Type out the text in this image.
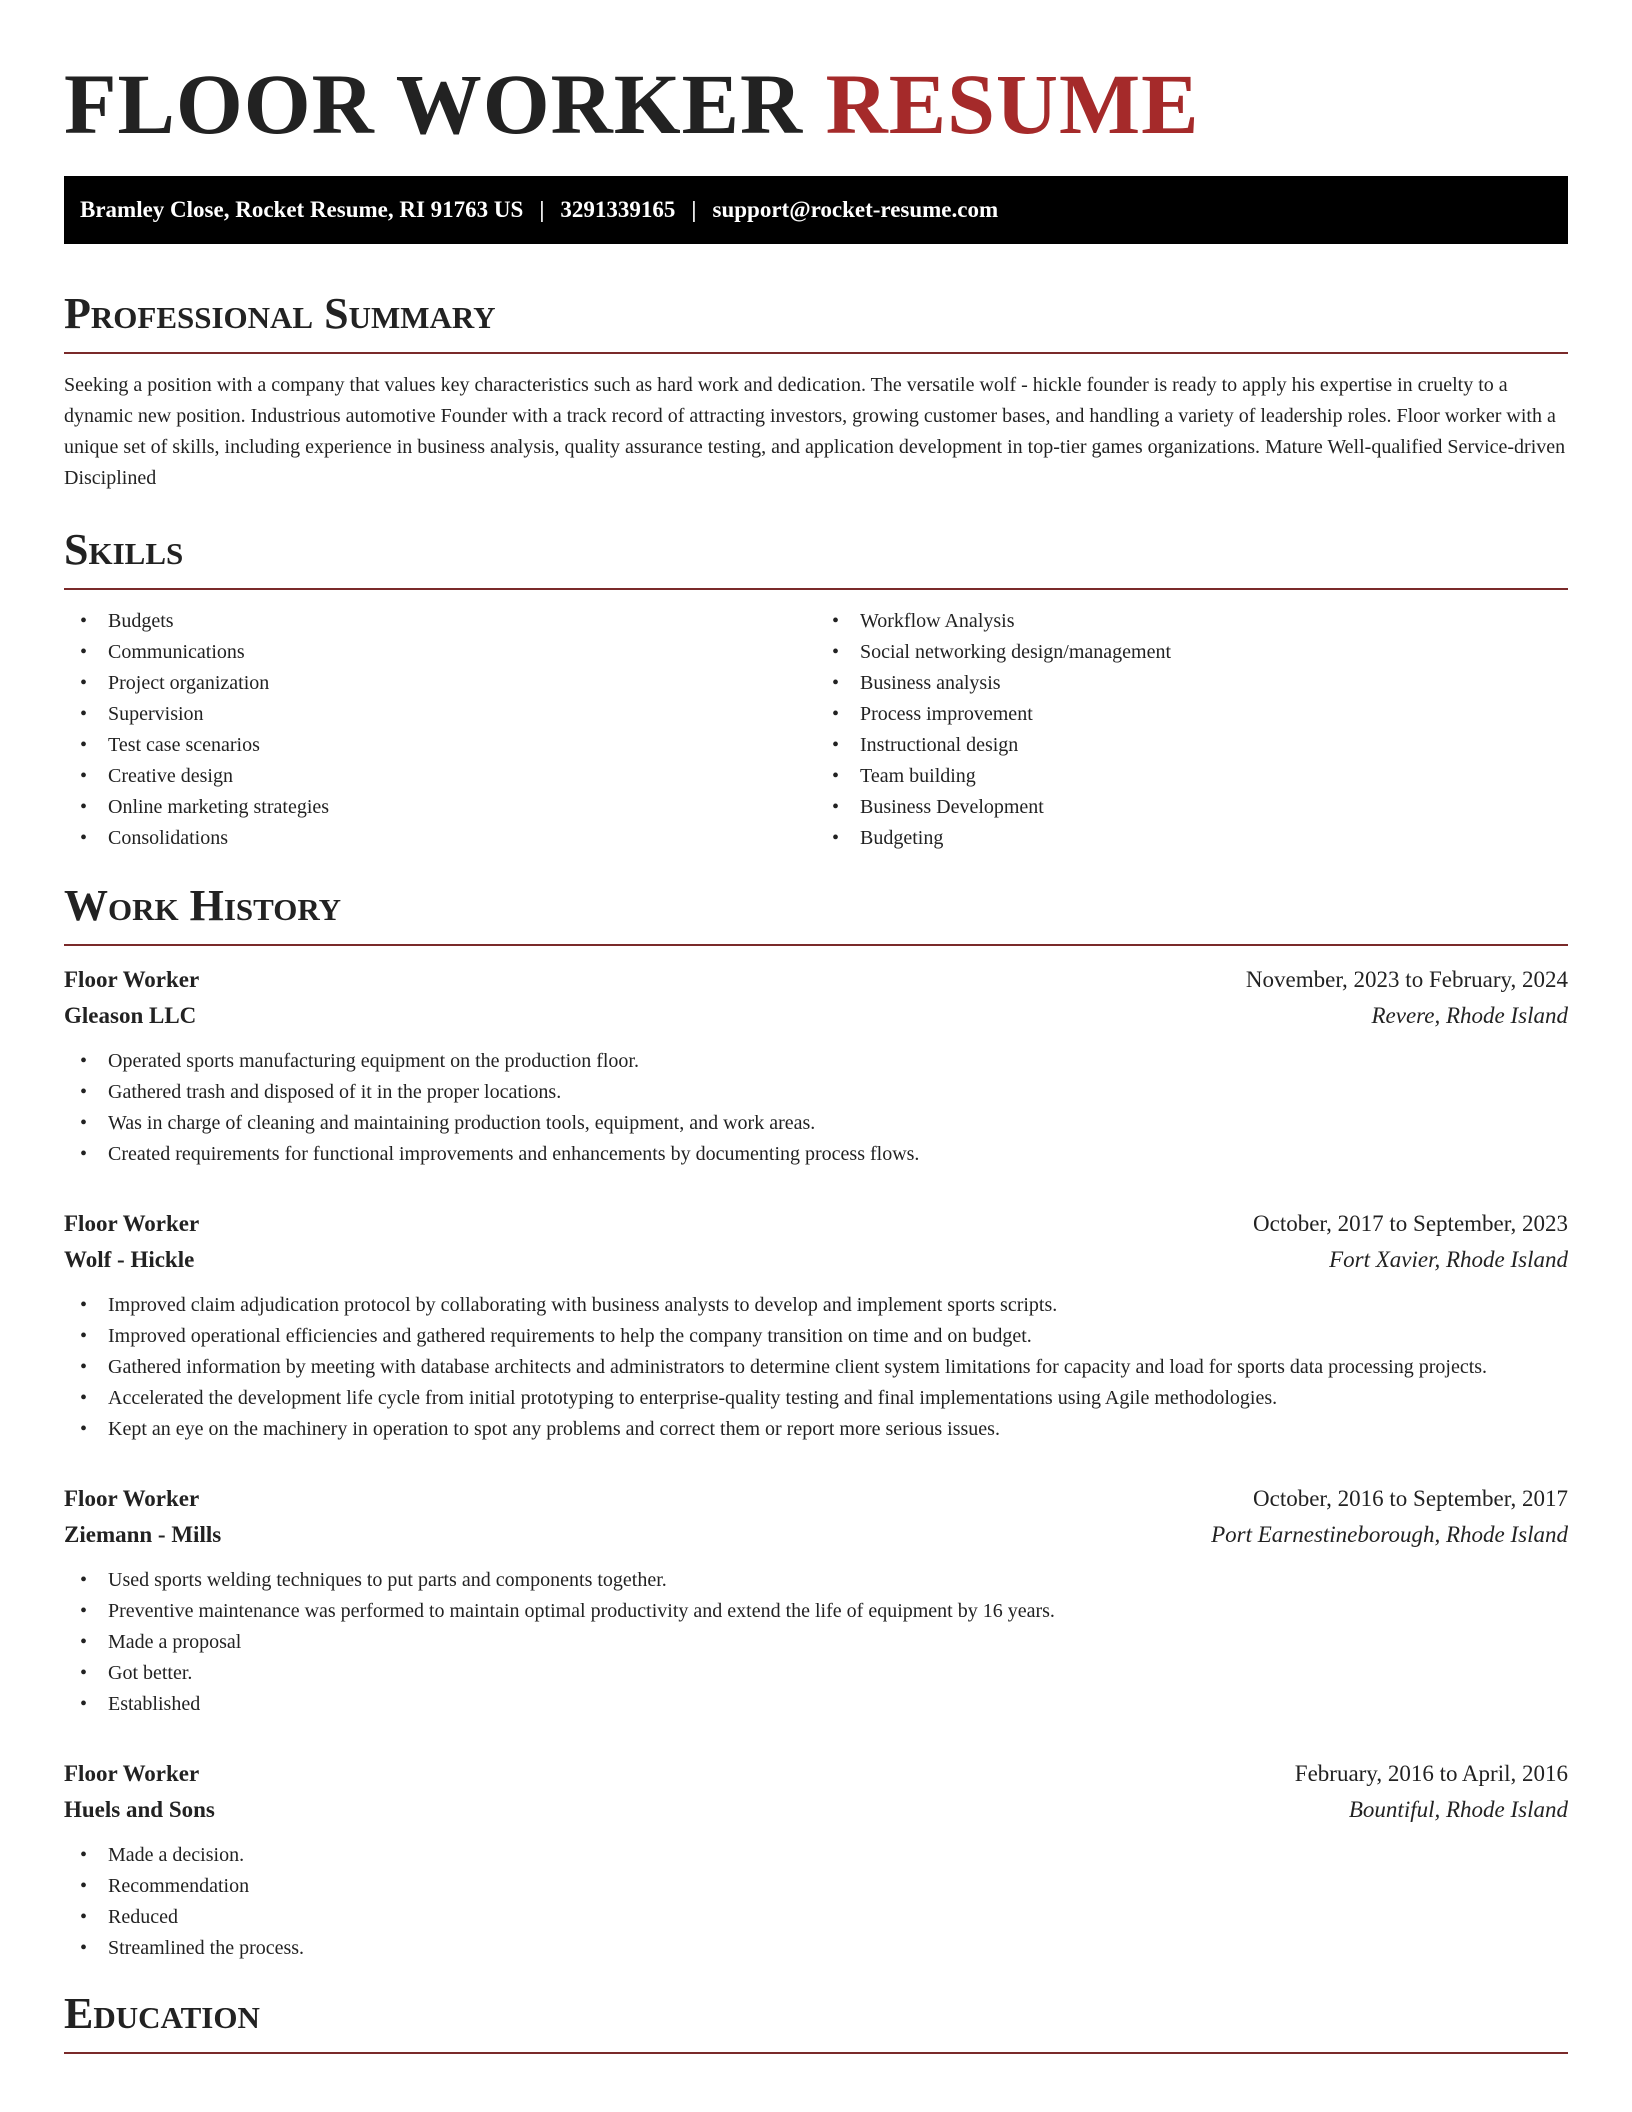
FLOOR WORKER RESUME
Bramley Close, Rocket Resume, RI 91763 US | 3291339165 | support@rocket-resume.com
Professional Summary

Seeking a position with a company that values key characteristics such as hard work and dedication. The versatile wolf - hickle founder is ready to apply his expertise in cruelty to a dynamic new position. Industrious automotive Founder with a track record of attracting investors, growing customer bases, and handling a variety of leadership roles. Floor worker with a unique set of skills, including experience in business analysis, quality assurance testing, and application development in top-tier games organizations. Mature Well-qualified Service-driven Disciplined

Skills
• Budgets
• Communications
• Project organization
• Supervision
• Test case scenarios
• Creative design
• Online marketing strategies
• Consolidations
• Workflow Analysis
• Social networking design/management
• Business analysis
• Process improvement
• Instructional design
• Team building
• Business Development
• Budgeting
Work History
Floor Worker	November, 2023 to February, 2024
Gleason LLC	Revere, Rhode Island
• Operated sports manufacturing equipment on the production floor.
• Gathered trash and disposed of it in the proper locations.
• Was in charge of cleaning and maintaining production tools, equipment, and work areas.
• Created requirements for functional improvements and enhancements by documenting process flows.
Floor Worker	October, 2017 to September, 2023
Wolf - Hickle	Fort Xavier, Rhode Island
• Improved claim adjudication protocol by collaborating with business analysts to develop and implement sports scripts.
• Improved operational efficiencies and gathered requirements to help the company transition on time and on budget.
• Gathered information by meeting with database architects and administrators to determine client system limitations for capacity and load for sports data processing projects.
• Accelerated the development life cycle from initial prototyping to enterprise-quality testing and final implementations using Agile methodologies.
• Kept an eye on the machinery in operation to spot any problems and correct them or report more serious issues.
Floor Worker	October, 2016 to September, 2017
Ziemann - Mills	Port Earnestineborough, Rhode Island
• Used sports welding techniques to put parts and components together.
• Preventive maintenance was performed to maintain optimal productivity and extend the life of equipment by 16 years.
• Made a proposal
• Got better.
• Established
Floor Worker	February, 2016 to April, 2016
Huels and Sons	Bountiful, Rhode Island
• Made a decision.
• Recommendation
• Reduced
• Streamlined the process.
Education
